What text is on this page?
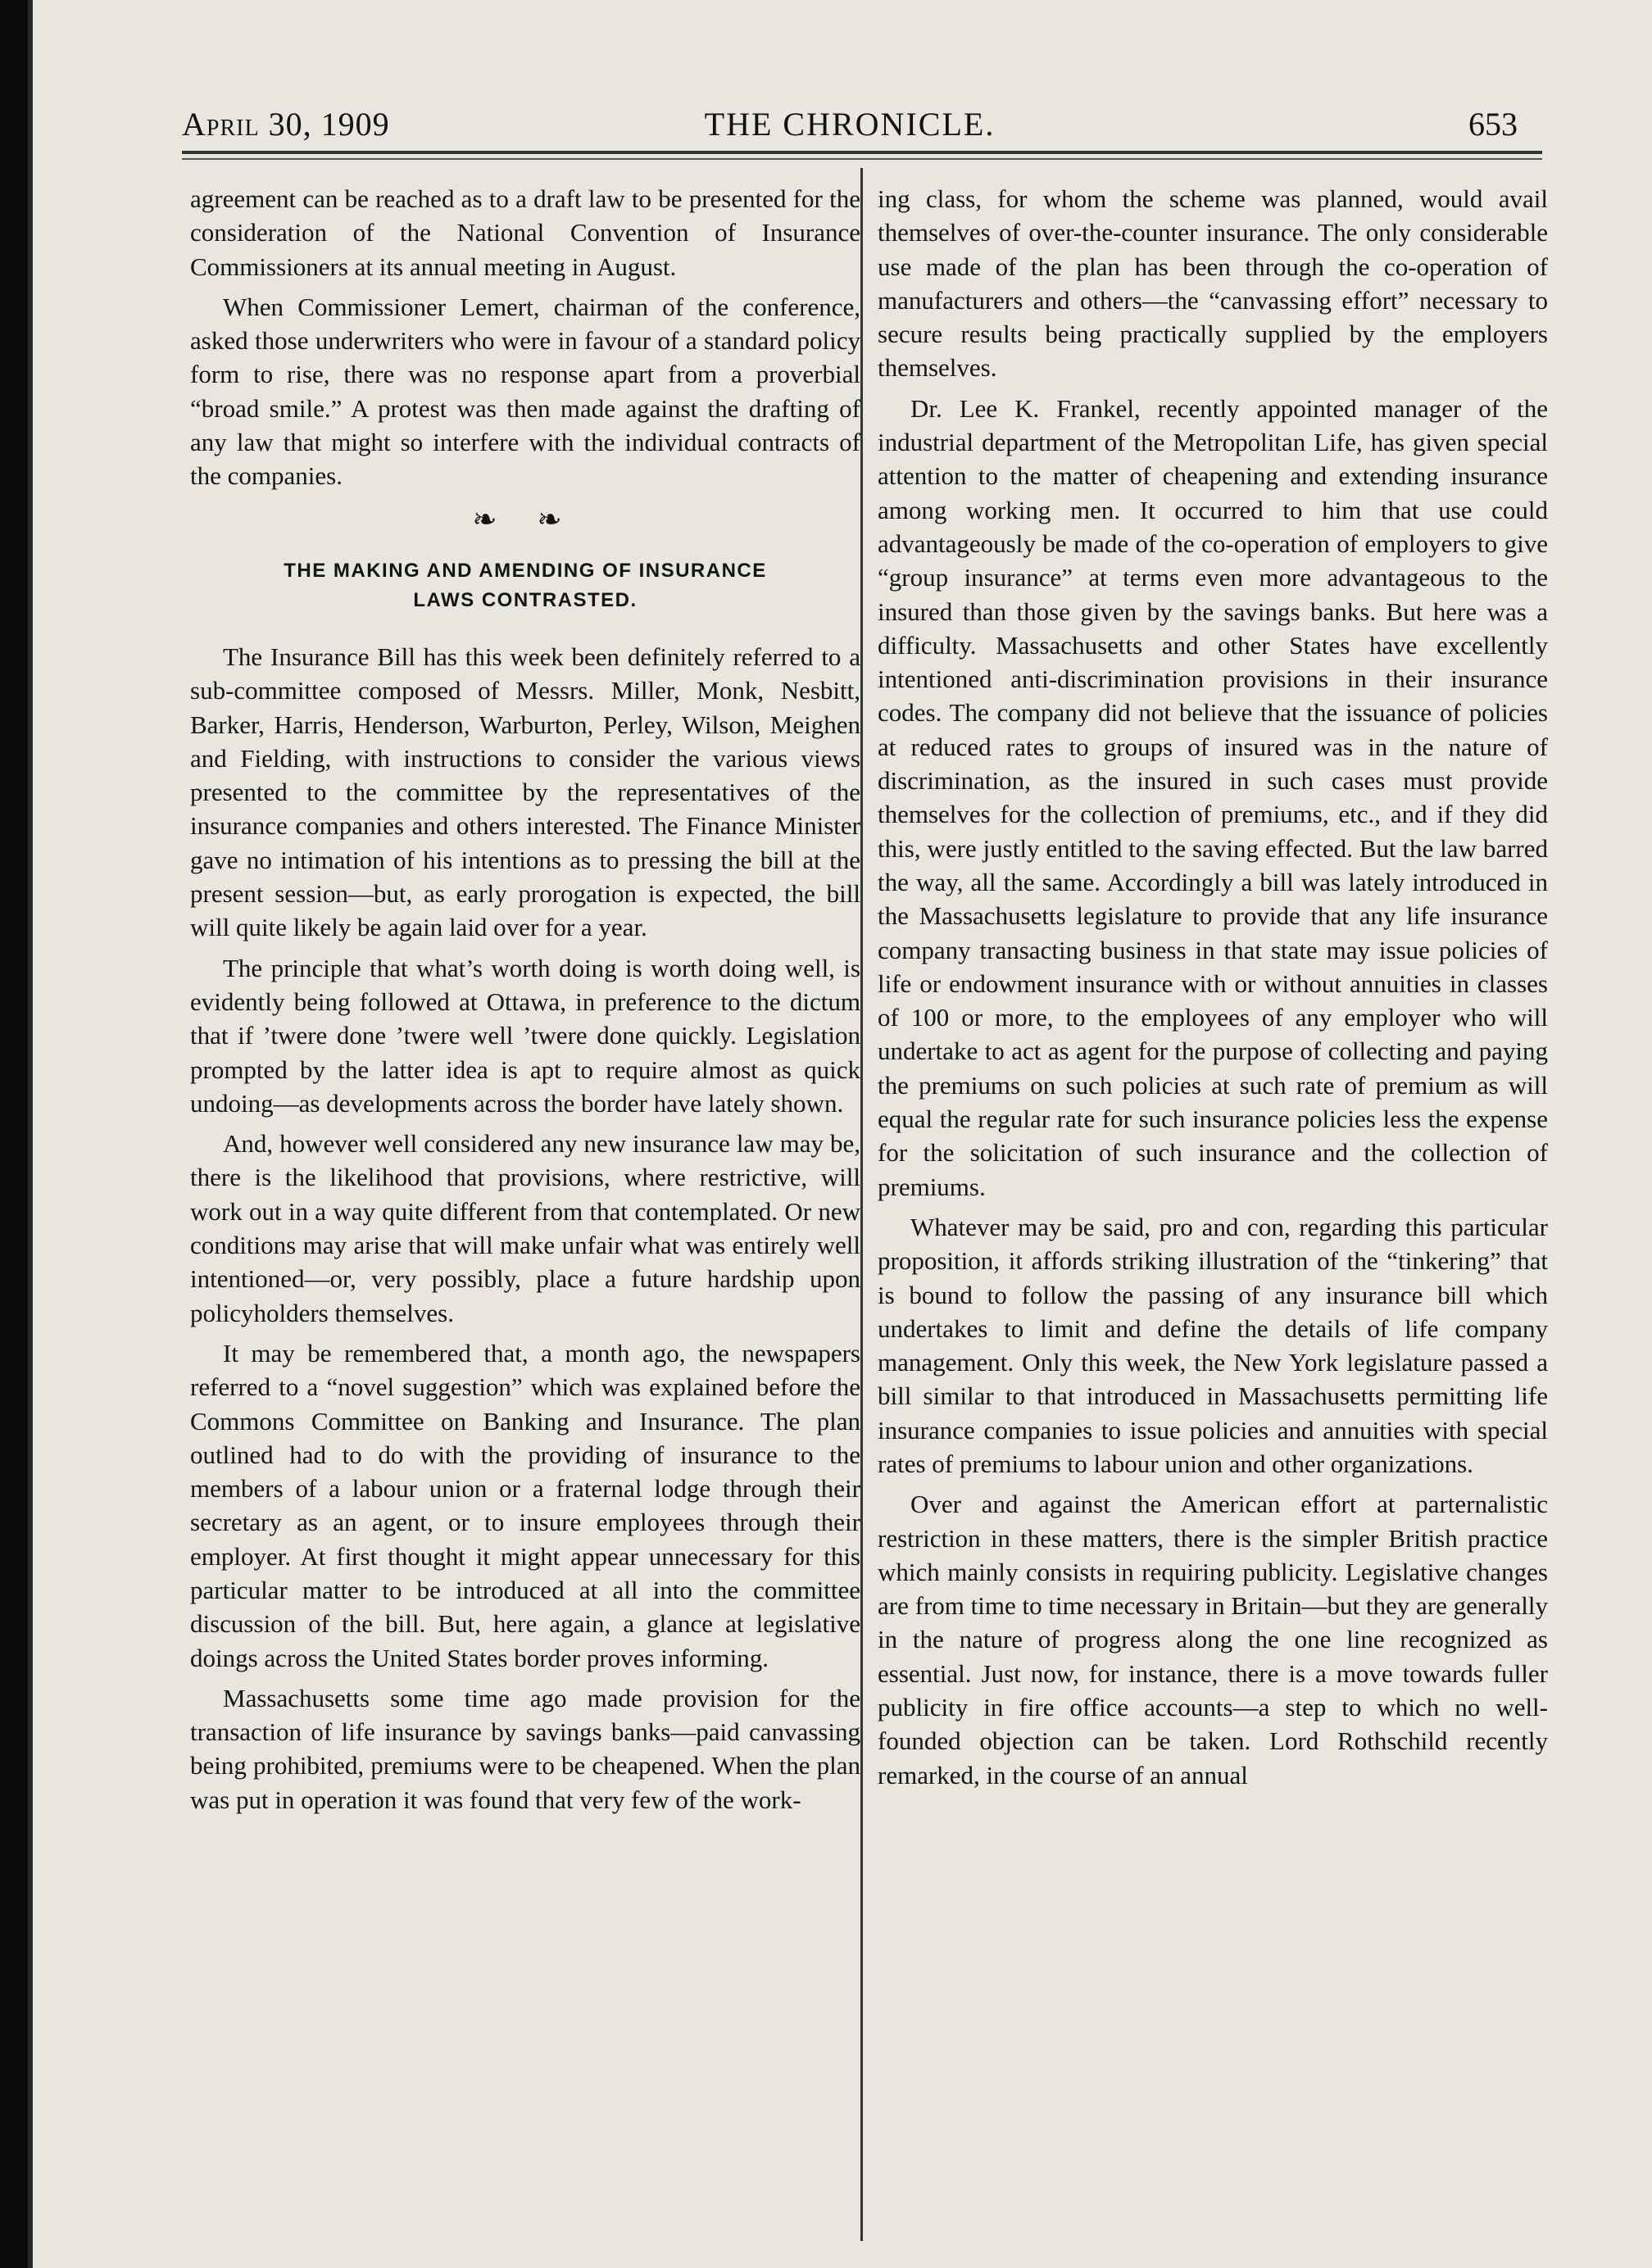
April 30, 1909	THE CHRONICLE.	653

agreement can be reached as to a draft law to be presented for the consideration of the National Convention of Insurance Commissioners at its annual meeting in August.

When Commissioner Lemert, chairman of the conference, asked those underwriters who were in favour of a standard policy form to rise, there was no response apart from a proverbial “broad smile.” A protest was then made against the drafting of any law that might so interfere with the individual contracts of the companies.

❧ ❧
THE MAKING AND AMENDING OF INSURANCE
LAWS CONTRASTED.

The Insurance Bill has this week been definitely referred to a sub-committee composed of Messrs. Miller, Monk, Nesbitt, Barker, Harris, Henderson, Warburton, Perley, Wilson, Meighen and Fielding, with instructions to consider the various views presented to the committee by the representatives of the insurance companies and others interested. The Finance Minister gave no intimation of his intentions as to pressing the bill at the present session—but, as early prorogation is expected, the bill will quite likely be again laid over for a year.

The principle that what’s worth doing is worth doing well, is evidently being followed at Ottawa, in preference to the dictum that if ’twere done ’twere well ’twere done quickly. Legislation prompted by the latter idea is apt to require almost as quick undoing—as developments across the border have lately shown.

And, however well considered any new insurance law may be, there is the likelihood that provisions, where restrictive, will work out in a way quite different from that contemplated. Or new conditions may arise that will make unfair what was entirely well intentioned—or, very possibly, place a future hardship upon policyholders themselves.

It may be remembered that, a month ago, the newspapers referred to a “novel suggestion” which was explained before the Commons Committee on Banking and Insurance. The plan outlined had to do with the providing of insurance to the members of a labour union or a fraternal lodge through their secretary as an agent, or to insure employees through their employer. At first thought it might appear unnecessary for this particular matter to be introduced at all into the committee discussion of the bill. But, here again, a glance at legislative doings across the United States border proves informing.

Massachusetts some time ago made provision for the transaction of life insurance by savings banks—paid canvassing being prohibited, premiums were to be cheapened. When the plan was put in operation it was found that very few of the work-

ing class, for whom the scheme was planned, would avail themselves of over-the-counter insurance. The only considerable use made of the plan has been through the co-operation of manufacturers and others—the “canvassing effort” necessary to secure results being practically supplied by the employers themselves.

Dr. Lee K. Frankel, recently appointed manager of the industrial department of the Metropolitan Life, has given special attention to the matter of cheapening and extending insurance among working men. It occurred to him that use could advantageously be made of the co-operation of employers to give “group insurance” at terms even more advantageous to the insured than those given by the savings banks. But here was a difficulty. Massachusetts and other States have excellently intentioned anti-discrimination provisions in their insurance codes. The company did not believe that the issuance of policies at reduced rates to groups of insured was in the nature of discrimination, as the insured in such cases must provide themselves for the collection of premiums, etc., and if they did this, were justly entitled to the saving effected. But the law barred the way, all the same. Accordingly a bill was lately introduced in the Massachusetts legislature to provide that any life insurance company transacting business in that state may issue policies of life or endowment insurance with or without annuities in classes of 100 or more, to the employees of any employer who will undertake to act as agent for the purpose of collecting and paying the premiums on such policies at such rate of premium as will equal the regular rate for such insurance policies less the expense for the solicitation of such insurance and the collection of premiums.

Whatever may be said, pro and con, regarding this particular proposition, it affords striking illustration of the “tinkering” that is bound to follow the passing of any insurance bill which undertakes to limit and define the details of life company management. Only this week, the New York legislature passed a bill similar to that introduced in Massachusetts permitting life insurance companies to issue policies and annuities with special rates of premiums to labour union and other organizations.

Over and against the American effort at parternalistic restriction in these matters, there is the simpler British practice which mainly consists in requiring publicity. Legislative changes are from time to time necessary in Britain—but they are generally in the nature of progress along the one line recognized as essential. Just now, for instance, there is a move towards fuller publicity in fire office accounts—a step to which no well-founded objection can be taken. Lord Rothschild recently remarked, in the course of an annual
